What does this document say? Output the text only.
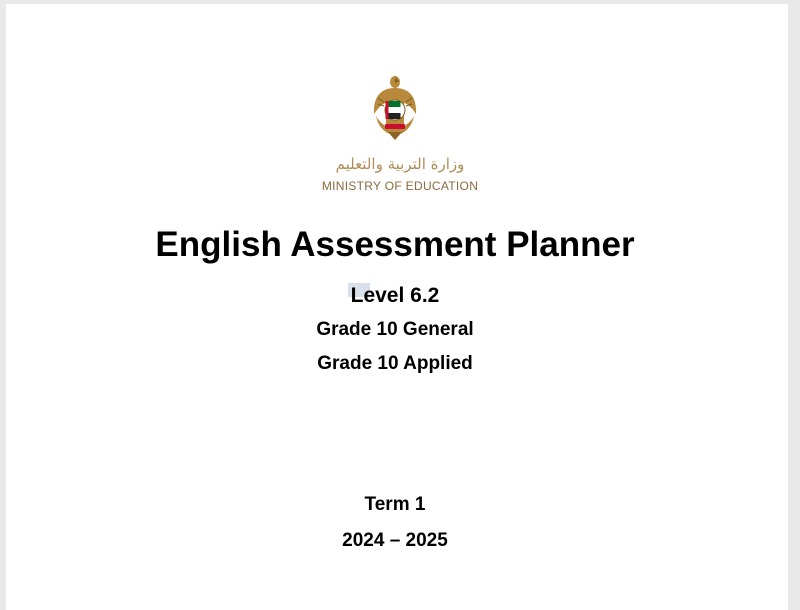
وزارة التربية والتعليم
MINISTRY OF EDUCATION
English Assessment Planner
Level 6.2
Grade 10 General
Grade 10 Applied
Term 1
2024 – 2025
